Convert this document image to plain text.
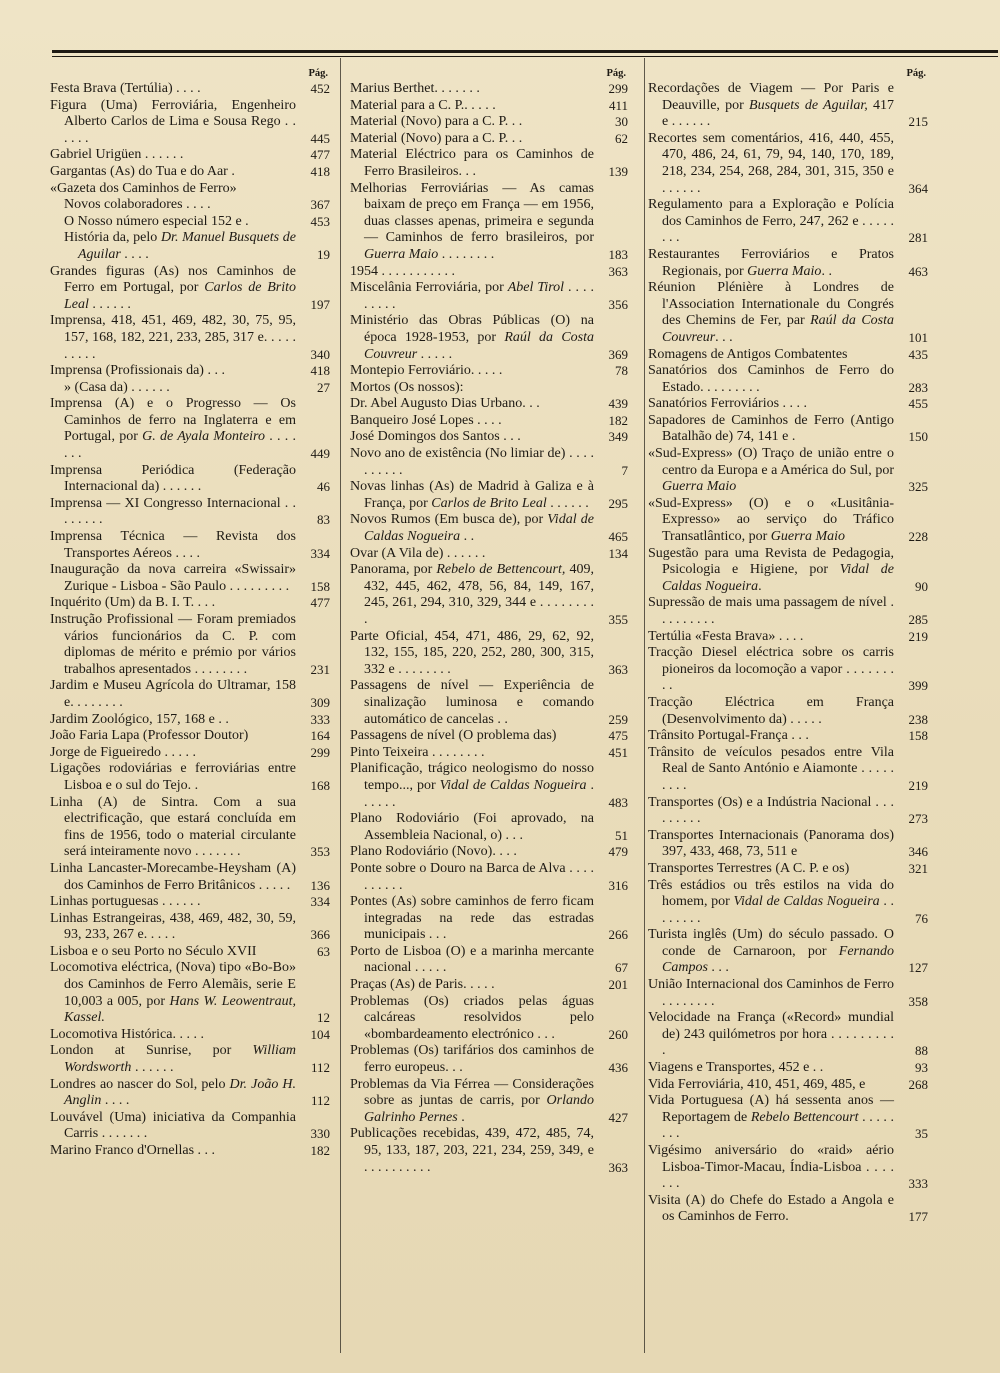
Pág.
Festa Brava (Tertúlia) . . . .	452
Figura (Uma) Ferroviária, Engenheiro Alberto Carlos de Lima e Sousa Rego . . . . . .	445
Gabriel Urigüen . . . . . .	477
Gargantas (As) do Tua e do Aar .	418
«Gazeta dos Caminhos de Ferro»
Novos colaboradores . . . .	367
O Nosso número especial 152 e .	453
História da, pelo Dr. Manuel Busquets de Aguilar . . . .	19
Grandes figuras (As) nos Caminhos de Ferro em Portugal, por Carlos de Brito Leal . . . . . .	197
Imprensa, 418, 451, 469, 482, 30, 75, 95, 157, 168, 182, 221, 233, 285, 317 e. . . . . . . . . .	340
Imprensa (Profissionais da) . . .	418
» (Casa da) . . . . . .	27
Imprensa (A) e o Progresso — Os Caminhos de ferro na Inglaterra e em Portugal, por G. de Ayala Monteiro . . . . . . .	449
Imprensa Periódica (Federação Internacional da) . . . . . .	46
Imprensa — XI Congresso Internacional . . . . . . . .	83
Imprensa Técnica — Revista dos Transportes Aéreos . . . .	334
Inauguração da nova carreira «Swissair» Zurique - Lisboa - São Paulo . . . . . . . . .	158
Inquérito (Um) da B. I. T. . . .	477
Instrução Profissional — Foram premiados vários funcionários da C. P. com diplomas de mérito e prémio por vários trabalhos apresentados . . . . . . . .	231
Jardim e Museu Agrícola do Ultramar, 158 e. . . . . . . .	309
Jardim Zoológico, 157, 168 e . .	333
João Faria Lapa (Professor Doutor)	164
Jorge de Figueiredo . . . . .	299
Ligações rodoviárias e ferroviárias entre Lisboa e o sul do Tejo. .	168
Linha (A) de Sintra. Com a sua electrificação, que estará concluída em fins de 1956, todo o material circulante será inteiramente novo . . . . . . .	353
Linha Lancaster-Morecambe-Heysham (A) dos Caminhos de Ferro Britânicos . . . . .	136
Linhas portuguesas . . . . . .	334
Linhas Estrangeiras, 438, 469, 482, 30, 59, 93, 233, 267 e. . . . .	366
Lisboa e o seu Porto no Século XVII	63
Locomotiva eléctrica, (Nova) tipo «Bo-Bo» dos Caminhos de Ferro Alemãis, serie E 10,003 a 005, por Hans W. Leowentraut, Kassel.	12
Locomotiva Histórica. . . . .	104
London at Sunrise, por William Wordsworth . . . . . .	112
Londres ao nascer do Sol, pelo Dr. João H. Anglin . . . .	112
Louvável (Uma) iniciativa da Companhia Carris . . . . . . .	330
Marino Franco d'Ornellas . . .	182
Pág.
Marius Berthet. . . . . . .	299
Material para a C. P.. . . . .	411
Material (Novo) para a C. P. . .	30
Material (Novo) para a C. P. . .	62
Material Eléctrico para os Caminhos de Ferro Brasileiros. . .	139
Melhorias Ferroviárias — As camas baixam de preço em França — em 1956, duas classes apenas, primeira e segunda — Caminhos de ferro brasileiros, por Guerra Maio . . . . . . . .	183
1954 . . . . . . . . . . .	363
Miscelânia Ferroviária, por Abel Tirol . . . . . . . . .	356
Ministério das Obras Públicas (O) na época 1928-1953, por Raúl da Costa Couvreur . . . . .	369
Montepio Ferroviário. . . . .	78
Mortos (Os nossos):
Dr. Abel Augusto Dias Urbano. . .	439
Banqueiro José Lopes . . . .	182
José Domingos dos Santos . . .	349
Novo ano de existência (No limiar de) . . . . . . . . . .	7
Novas linhas (As) de Madrid à Galiza e à França, por Carlos de Brito Leal . . . . . .	295
Novos Rumos (Em busca de), por Vidal de Caldas Nogueira . .	465
Ovar (A Vila de) . . . . . .	134
Panorama, por Rebelo de Bettencourt, 409, 432, 445, 462, 478, 56, 84, 149, 167, 245, 261, 294, 310, 329, 344 e . . . . . . . . .	355
Parte Oficial, 454, 471, 486, 29, 62, 92, 132, 155, 185, 220, 252, 280, 300, 315, 332 e . . . . . . . .	363
Passagens de nível — Experiência de sinalização luminosa e comando automático de cancelas . .	259
Passagens de nível (O problema das)	475
Pinto Teixeira . . . . . . . .	451
Planificação, trágico neologismo do nosso tempo..., por Vidal de Caldas Nogueira . . . . . .	483
Plano Rodoviário (Foi aprovado, na Assembleia Nacional, o) . . .	51
Plano Rodoviário (Novo). . . .	479
Ponte sobre o Douro na Barca de Alva . . . . . . . . . .	316
Pontes (As) sobre caminhos de ferro ficam integradas na rede das estradas municipais . . .	266
Porto de Lisboa (O) e a marinha mercante nacional . . . . .	67
Praças (As) de Paris. . . . .	201
Problemas (Os) criados pelas águas calcáreas resolvidos pelo «bombardeamento electrónico . . .	260
Problemas (Os) tarifários dos caminhos de ferro europeus. . .	436
Problemas da Via Férrea — Considerações sobre as juntas de carris, por Orlando Galrinho Pernes .	427
Publicações recebidas, 439, 472, 485, 74, 95, 133, 187, 203, 221, 234, 259, 349, e . . . . . . . . . .	363
Pág.
Recordações de Viagem — Por Paris e Deauville, por Busquets de Aguilar, 417 e . . . . . .	215
Recortes sem comentários, 416, 440, 455, 470, 486, 24, 61, 79, 94, 140, 170, 189, 218, 234, 254, 268, 284, 301, 315, 350 e . . . . . .	364
Regulamento para a Exploração e Polícia dos Caminhos de Ferro, 247, 262 e . . . . . . . .	281
Restaurantes Ferroviários e Pratos Regionais, por Guerra Maio. .	463
Réunion Plénière à Londres de l'Association Internationale du Congrés des Chemins de Fer, par Raúl da Costa Couvreur. . .	101
Romagens de Antigos Combatentes	435
Sanatórios dos Caminhos de Ferro do Estado. . . . . . . . .	283
Sanatórios Ferroviários . . . .	455
Sapadores de Caminhos de Ferro (Antigo Batalhão de) 74, 141 e .	150
«Sud-Express» (O) Traço de união entre o centro da Europa e a América do Sul, por Guerra Maio	325
«Sud-Express» (O) e o «Lusitânia-Expresso» ao serviço do Tráfico Transatlântico, por Guerra Maio	228
Sugestão para uma Revista de Pedagogia, Psicologia e Higiene, por Vidal de Caldas Nogueira.	90
Supressão de mais uma passagem de nível . . . . . . . . .	285
Tertúlia «Festa Brava» . . . .	219
Tracção Diesel eléctrica sobre os carris pioneiros da locomoção a vapor . . . . . . . . .	399
Tracção Eléctrica em França (Desenvolvimento da) . . . . .	238
Trânsito Portugal-França . . .	158
Trânsito de veículos pesados entre Vila Real de Santo António e Aiamonte . . . . . . . . .	219
Transportes (Os) e a Indústria Nacional . . . . . . . . .	273
Transportes Internacionais (Panorama dos) 397, 433, 468, 73, 511 e	346
Transportes Terrestres (A C. P. e os)	321
Três estádios ou três estilos na vida do homem, por Vidal de Caldas Nogueira . . . . . . . .	76
Turista inglês (Um) do século passado. O conde de Carnaroon, por Fernando Campos . . .	127
União Internacional dos Caminhos de Ferro . . . . . . . .	358
Velocidade na França («Record» mundial de) 243 quilómetros por hora . . . . . . . . . .	88
Viagens e Transportes, 452 e . .	93
Vida Ferroviária, 410, 451, 469, 485, e	268
Vida Portuguesa (A) há sessenta anos — Reportagem de Rebelo Bettencourt . . . . . . . .	35
Vigésimo aniversário do «raid» aério Lisboa-Timor-Macau, Índia-Lisboa . . . . . . .	333
Visita (A) do Chefe do Estado a Angola e os Caminhos de Ferro.	177
